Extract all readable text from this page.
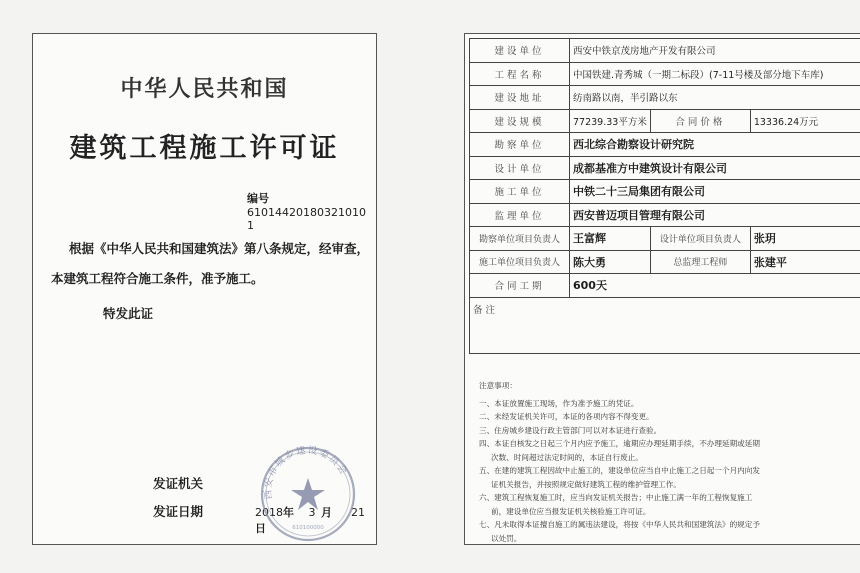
中华人民共和国
建筑工程施工许可证
编号61014420180321010 1
根据《中华人民共和国建筑法》第八条规定，经审查，
本建筑工程符合施工条件，准予施工。
特发此证
发证机关
发证日期	2018年 3 月 21日
西安市城乡建设委员会
610100000
建设单位	西安中铁京茂房地产开发有限公司		
工程名称	中国铁建.青秀城（一期二标段）(7-11号楼及部分地下车库)		
建设地址	纺南路以南，半引路以东		
建设规模	77239.33平方米	合同价格	13336.24万元
勘察单位	西北综合勘察设计研究院		
设计单位	成都基准方中建筑设计有限公司		
施工单位	中铁二十三局集团有限公司		
监理单位	西安普迈项目管理有限公司		
勘察单位项目负责人	王富辉	设计单位项目负责人	张玥
施工单位项目负责人	陈大勇	总监理工程师	张建平
合同工期	600天		
备注			
注意事项：

一、本证放置施工现场，作为准予施工的凭证。

二、未经发证机关许可，本证的各项内容不得变更。

三、住房城乡建设行政主管部门可以对本证进行查验。

四、本证自核发之日起三个月内应予施工，逾期应办理延期手续，不办理延期或延期

次数、时间超过法定时间的，本证自行废止。

五、在建的建筑工程因故中止施工的，建设单位应当自中止施工之日起一个月内向发

证机关报告，并按照规定做好建筑工程的维护管理工作。

六、建筑工程恢复施工时，应当向发证机关报告；中止施工满一年的工程恢复施工

前，建设单位应当报发证机关核验施工许可证。

七、凡未取得本证擅自施工的属违法建设，将按《中华人民共和国建筑法》的规定予

以处罚。
